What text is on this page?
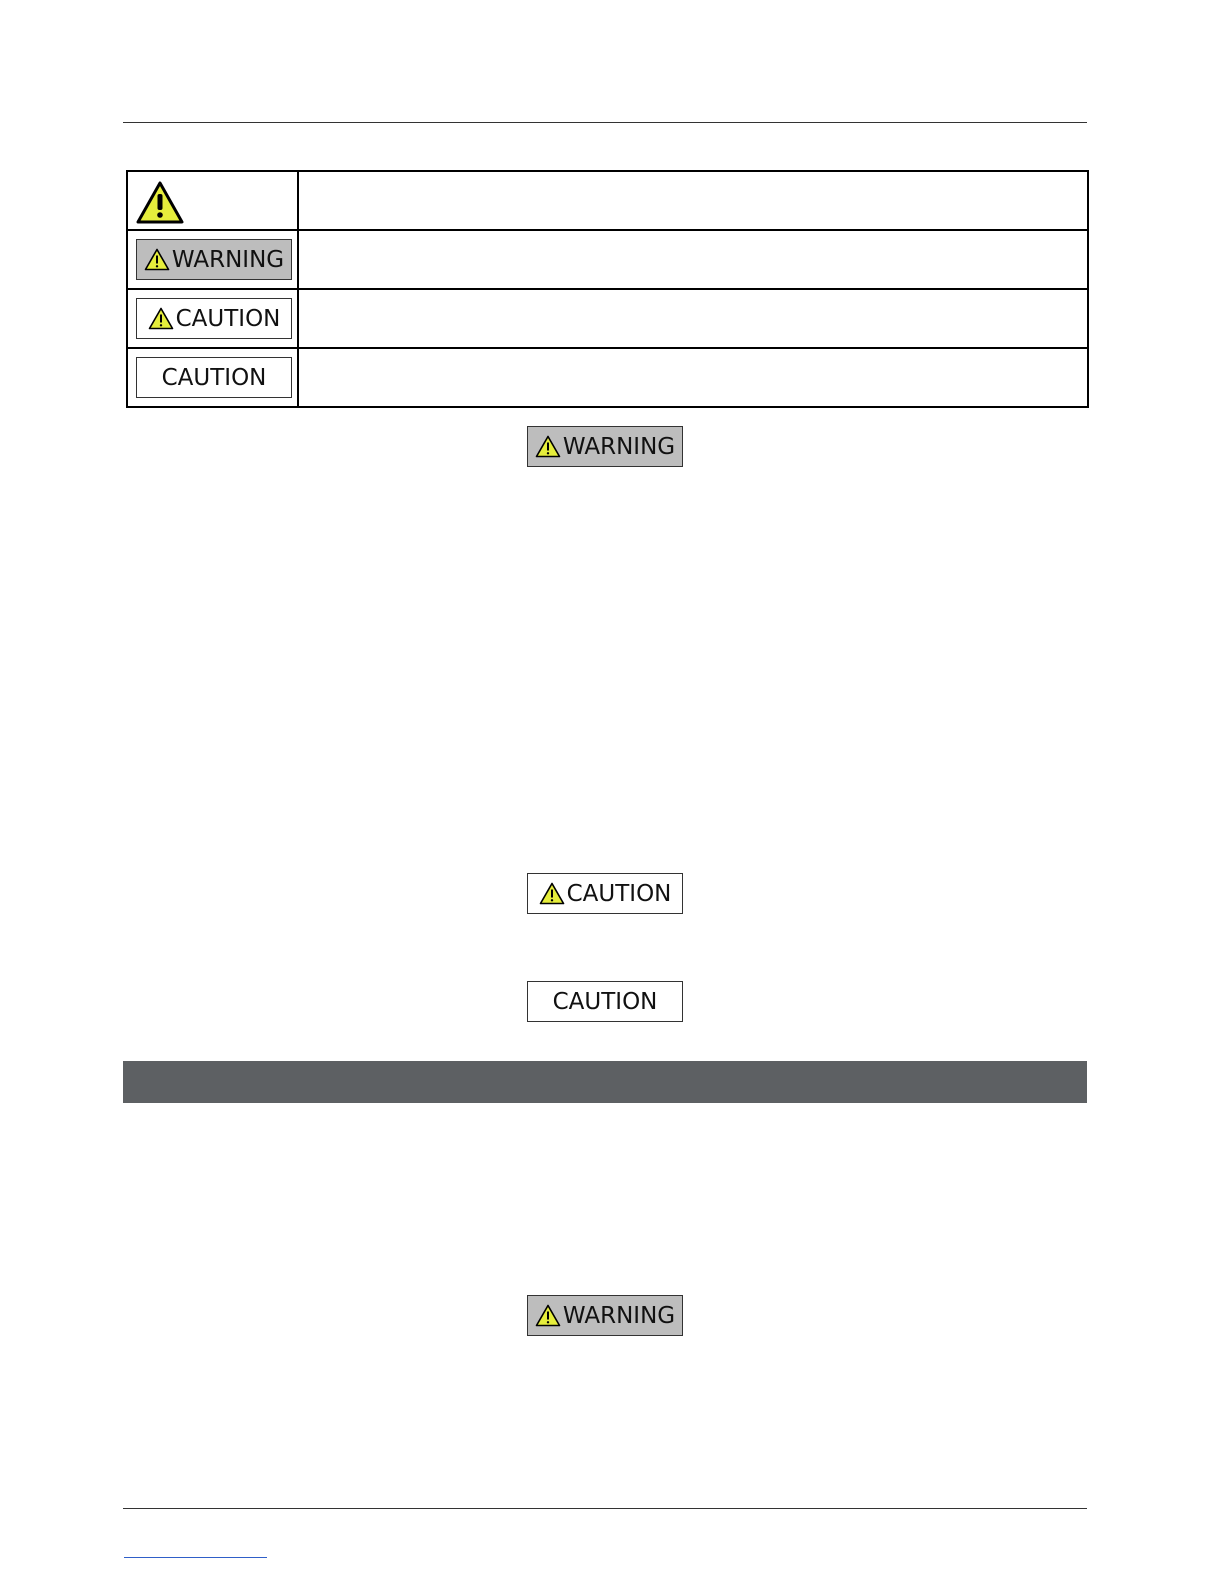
WARNING	

CAUTION	

CAUTION	

WARNING
CAUTION
CAUTION
WARNING
